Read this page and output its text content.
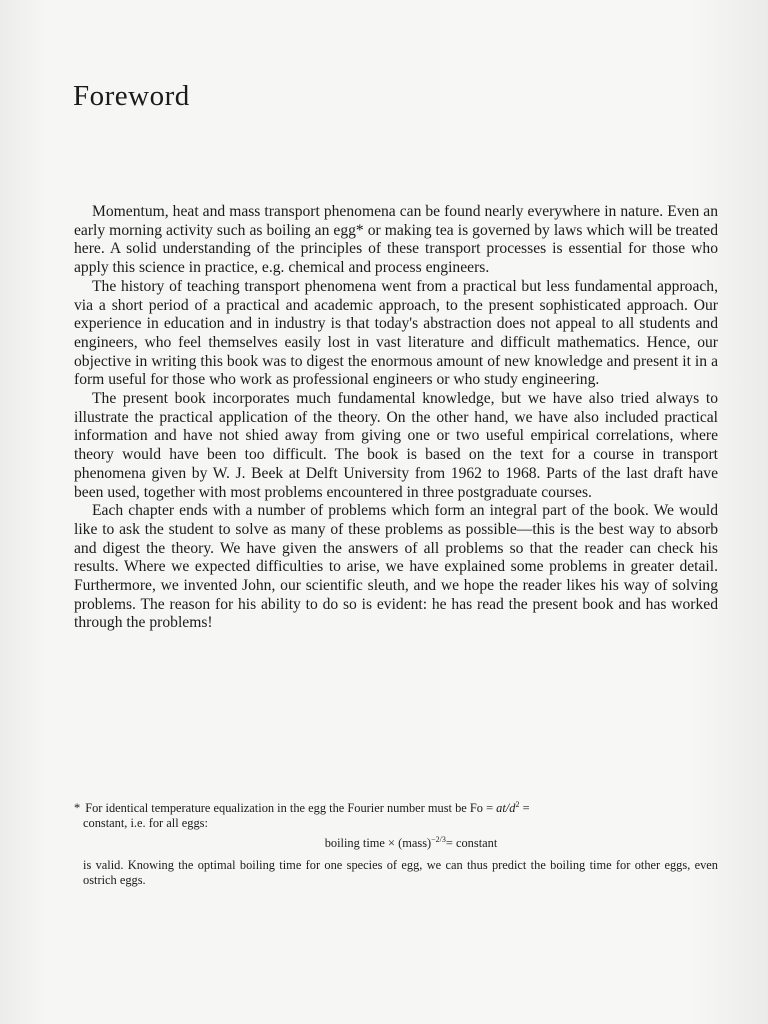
Foreword

Momentum, heat and mass transport phenomena can be found nearly everywhere in nature. Even an early morning activity such as boiling an egg* or making tea is governed by laws which will be treated here. A solid understanding of the principles of these transport processes is essential for those who apply this science in practice, e.g. chemical and process engineers.

The history of teaching transport phenomena went from a practical but less fundamental approach, via a short period of a practical and academic approach, to the present sophisticated approach. Our experience in education and in industry is that today's abstraction does not appeal to all students and engineers, who feel themselves easily lost in vast literature and difficult mathematics. Hence, our objective in writing this book was to digest the enormous amount of new knowledge and present it in a form useful for those who work as professional engineers or who study engineering.

The present book incorporates much fundamental knowledge, but we have also tried always to illustrate the practical application of the theory. On the other hand, we have also included practical information and have not shied away from giving one or two useful empirical correlations, where theory would have been too difficult. The book is based on the text for a course in transport phenomena given by W. J. Beek at Delft University from 1962 to 1968. Parts of the last draft have been used, together with most problems encountered in three postgraduate courses.

Each chapter ends with a number of problems which form an integral part of the book. We would like to ask the student to solve as many of these problems as possible—this is the best way to absorb and digest the theory. We have given the answers of all problems so that the reader can check his results. Where we expected difficulties to arise, we have explained some problems in greater detail. Furthermore, we invented John, our scientific sleuth, and we hope the reader likes his way of solving problems. The reason for his ability to do so is evident: he has read the present book and has worked through the problems!

* For identical temperature equalization in the egg the Fourier number must be $Fo = at/d^2$ =
constant, i.e. for all eggs:
boiling time × (mass)$^{-2/3}$= constant
is valid. Knowing the optimal boiling time for one species of egg, we can thus predict the boiling time for other eggs, even ostrich eggs.
